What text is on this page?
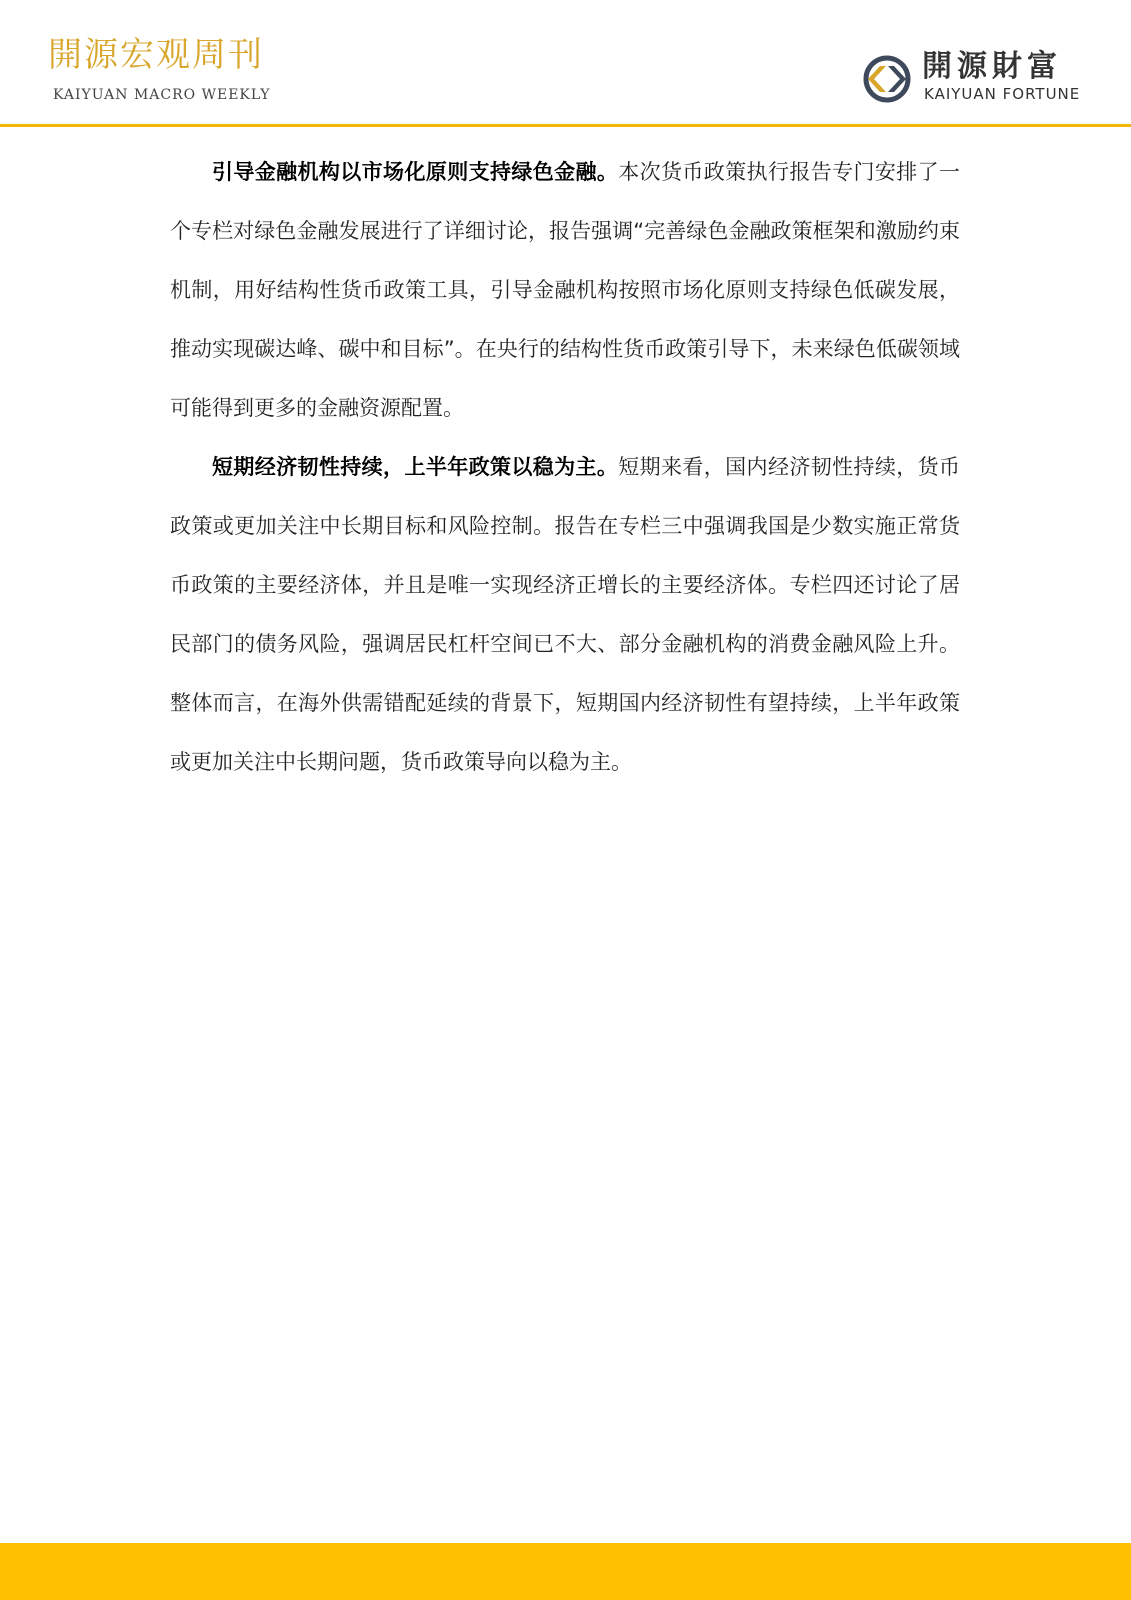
開源宏观周刊
KAIYUAN MACRO WEEKLY
開源財富
KAIYUAN FORTUNE

引导金融机构以市场化原则支持绿色金融。本次货币政策执行报告专门安排了一个专栏对绿色金融发展进行了详细讨论，报告强调“完善绿色金融政策框架和激励约束机制，用好结构性货币政策工具，引导金融机构按照市场化原则支持绿色低碳发展，推动实现碳达峰、碳中和目标”。在央行的结构性货币政策引导下，未来绿色低碳领域可能得到更多的金融资源配置。

短期经济韧性持续，上半年政策以稳为主。短期来看，国内经济韧性持续，货币政策或更加关注中长期目标和风险控制。报告在专栏三中强调我国是少数实施正常货币政策的主要经济体，并且是唯一实现经济正增长的主要经济体。专栏四还讨论了居民部门的债务风险，强调居民杠杆空间已不大、部分金融机构的消费金融风险上升。整体而言，在海外供需错配延续的背景下，短期国内经济韧性有望持续，上半年政策或更加关注中长期问题，货币政策导向以稳为主。
